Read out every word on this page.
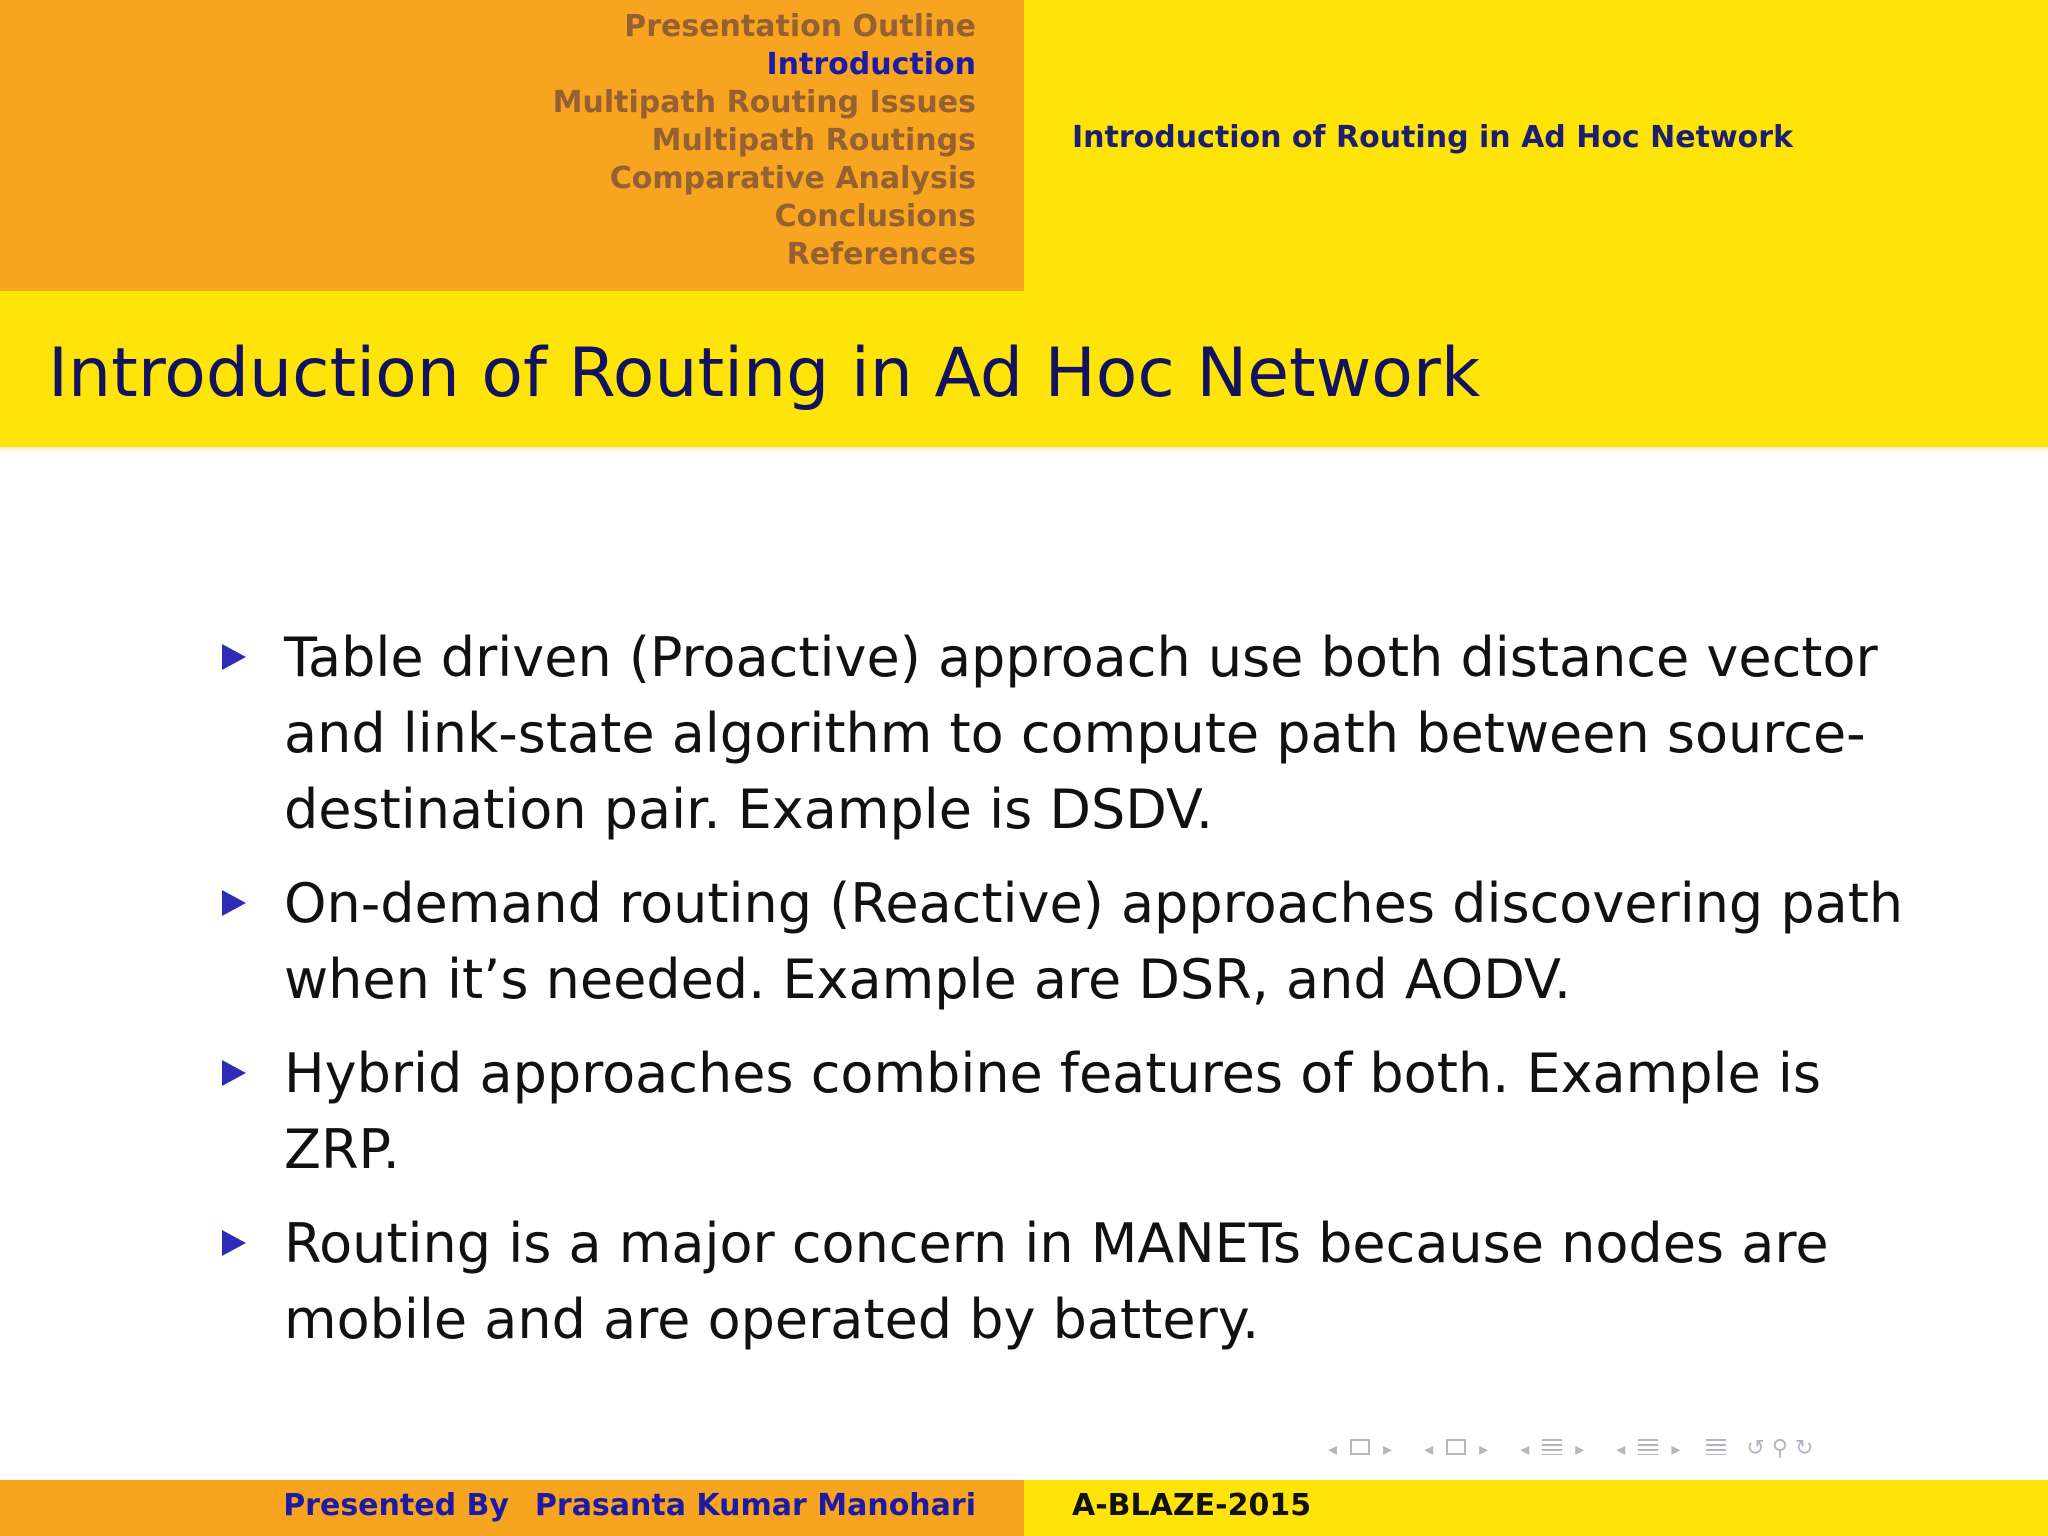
Presentation Outline
Introduction
Multipath Routing Issues
Multipath Routings
Comparative Analysis
Conclusions
References
Introduction of Routing in Ad Hoc Network
Introduction of Routing in Ad Hoc Network
Table driven (Proactive) approach use both distance vector and link-state algorithm to compute path between source-destination pair. Example is DSDV.
On-demand routing (Reactive) approaches discovering path when it’s needed. Example are DSR, and AODV.
Hybrid approaches combine features of both. Example is ZRP.
Routing is a major concern in MANETs because nodes are mobile and are operated by battery.
◂	▸	◂	▸	◂	▸	◂	▸	↺ ⚲ ↻
Presented By Prasanta Kumar Manohari	A-BLAZE-2015
